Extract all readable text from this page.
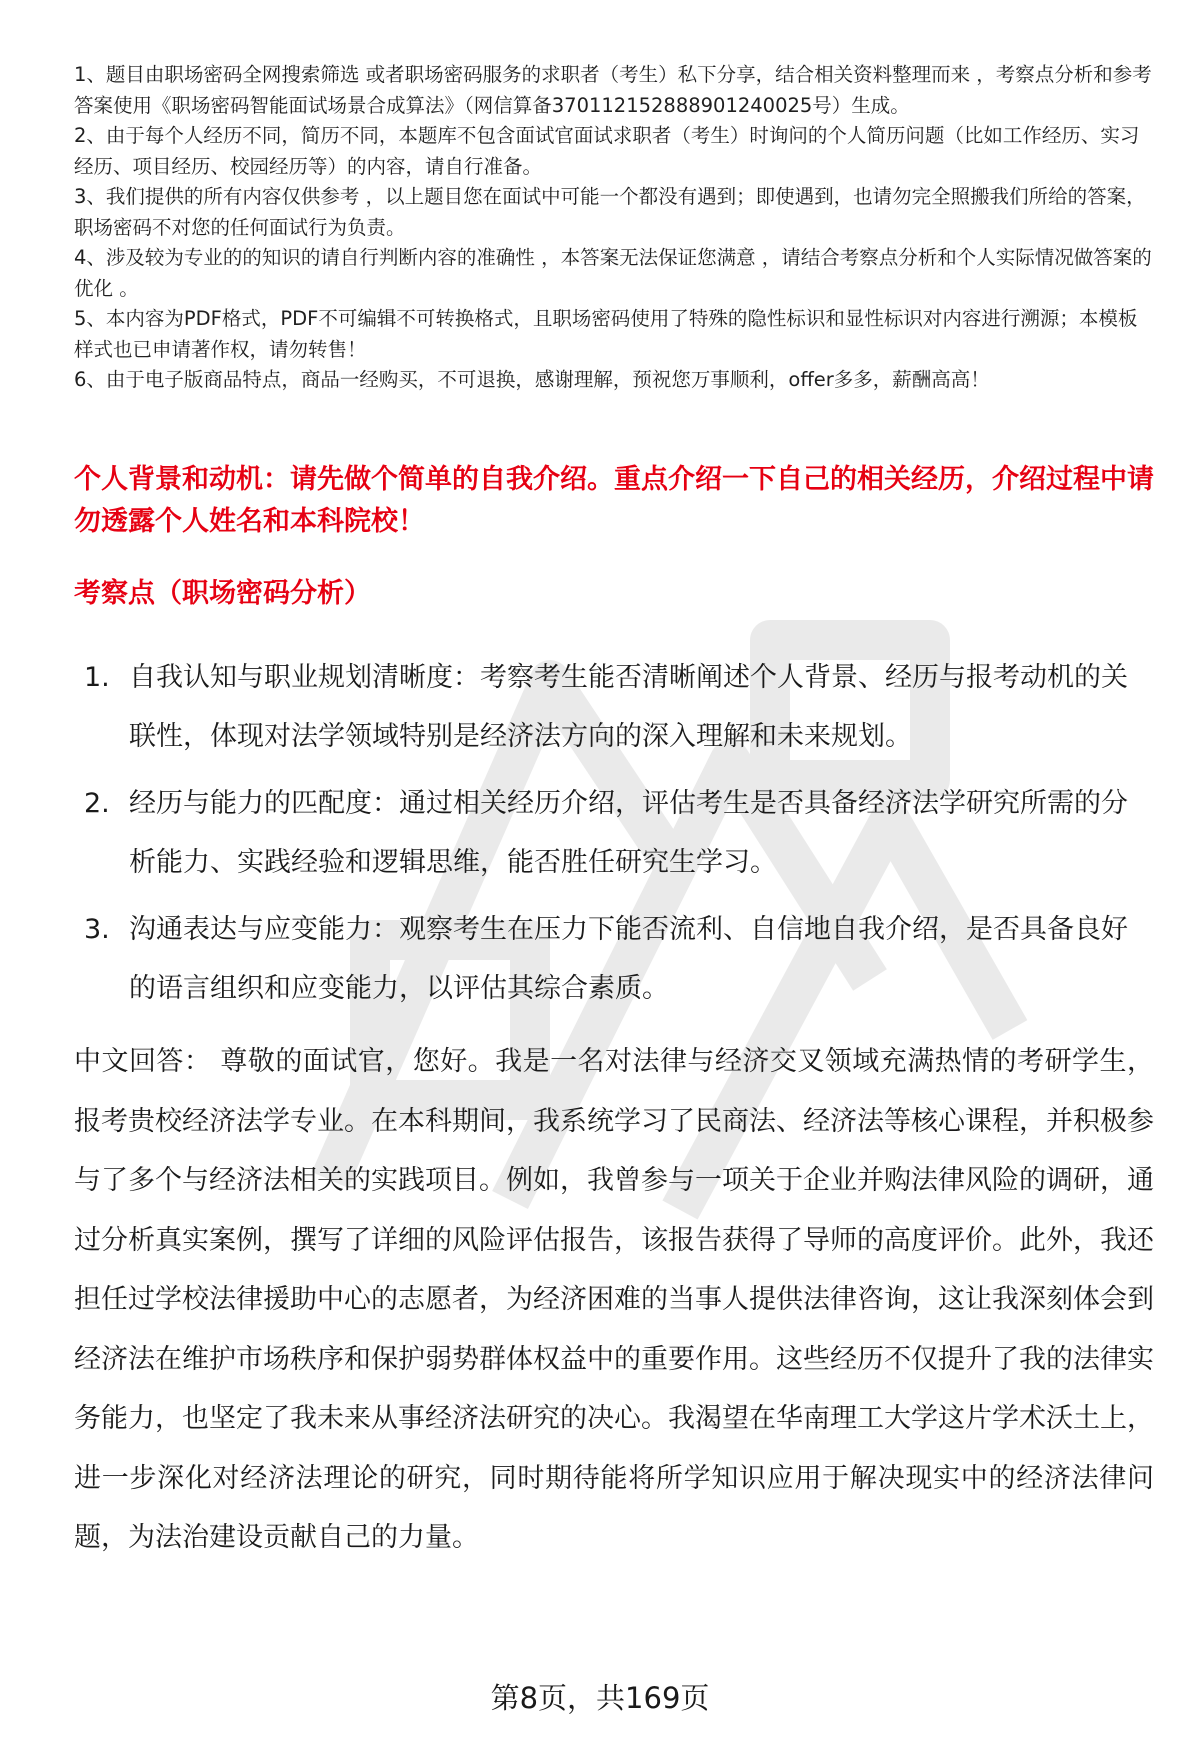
1、题目由职场密码全网搜索筛选 或者职场密码服务的求职者（考生）私下分享，结合相关资料整理而来 ，考察点分析和参考答案使用《职场密码智能面试场景合成算法》（网信算备370112152888901240025号）生成。
2、由于每个人经历不同，简历不同，本题库不包含面试官面试求职者（考生）时询问的个人简历问题（比如工作经历、实习经历、项目经历、校园经历等）的内容，请自行准备。
3、我们提供的所有内容仅供参考 ，以上题目您在面试中可能一个都没有遇到；即使遇到，也请勿完全照搬我们所给的答案，职场密码不对您的任何面试行为负责。
4、涉及较为专业的的知识的请自行判断内容的准确性 ，本答案无法保证您满意 ，请结合考察点分析和个人实际情况做答案的优化 。
5、本内容为PDF格式，PDF不可编辑不可转换格式，且职场密码使用了特殊的隐性标识和显性标识对内容进行溯源；本模板样式也已申请著作权，请勿转售！
6、由于电子版商品特点，商品一经购买，不可退换，感谢理解，预祝您万事顺利，offer多多，薪酬高高！

个人背景和动机：请先做个简单的自我介绍。重点介绍一下自己的相关经历，介绍过程中请勿透露个人姓名和本科院校！

考察点（职场密码分析）
1. 自我认知与职业规划清晰度：考察考生能否清晰阐述个人背景、经历与报考动机的关联性，体现对法学领域特别是经济法方向的深入理解和未来规划。
2. 经历与能力的匹配度：通过相关经历介绍，评估考生是否具备经济法学研究所需的分析能力、实践经验和逻辑思维，能否胜任研究生学习。
3. 沟通表达与应变能力：观察考生在压力下能否流利、自信地自我介绍，是否具备良好的语言组织和应变能力，以评估其综合素质。

中文回答： 尊敬的面试官，您好。我是一名对法律与经济交叉领域充满热情的考研学生，报考贵校经济法学专业。在本科期间，我系统学习了民商法、经济法等核心课程，并积极参与了多个与经济法相关的实践项目。例如，我曾参与一项关于企业并购法律风险的调研，通过分析真实案例，撰写了详细的风险评估报告，该报告获得了导师的高度评价。此外，我还担任过学校法律援助中心的志愿者，为经济困难的当事人提供法律咨询，这让我深刻体会到经济法在维护市场秩序和保护弱势群体权益中的重要作用。这些经历不仅提升了我的法律实务能力，也坚定了我未来从事经济法研究的决心。我渴望在华南理工大学这片学术沃土上，进一步深化对经济法理论的研究，同时期待能将所学知识应用于解决现实中的经济法律问题，为法治建设贡献自己的力量。

第8页，共169页
